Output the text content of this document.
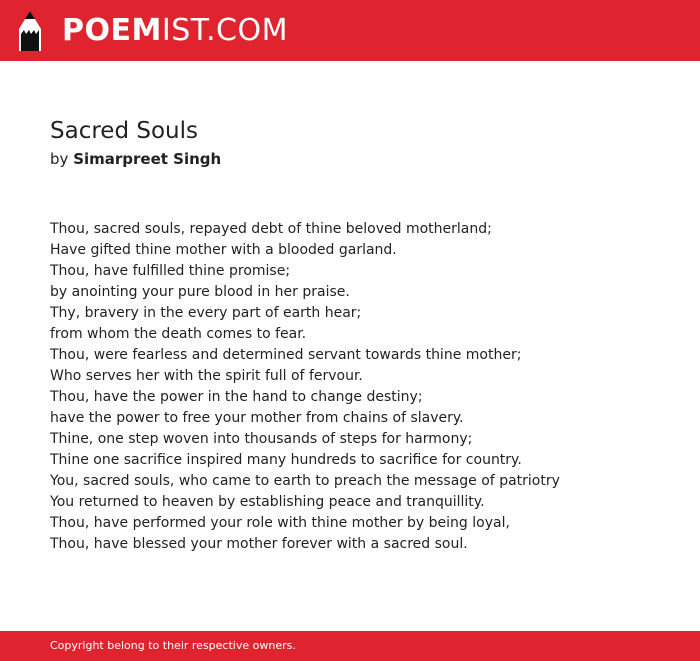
POEMIST.COM
Sacred Souls
by Simarpreet Singh
Thou, sacred souls, repayed debt of thine beloved motherland;
Have gifted thine mother with a blooded garland.
Thou, have fulfilled thine promise;
by anointing your pure blood in her praise.
Thy, bravery in the every part of earth hear;
from whom the death comes to fear.
Thou, were fearless and determined servant towards thine mother;
Who serves her with the spirit full of fervour.
Thou, have the power in the hand to change destiny;
have the power to free your mother from chains of slavery.
Thine, one step woven into thousands of steps for harmony;
Thine one sacrifice inspired many hundreds to sacrifice for country.
You, sacred souls, who came to earth to preach the message of patriotry
You returned to heaven by establishing peace and tranquillity.
Thou, have performed your role with thine mother by being loyal,
Thou, have blessed your mother forever with a sacred soul.
Copyright belong to their respective owners.
